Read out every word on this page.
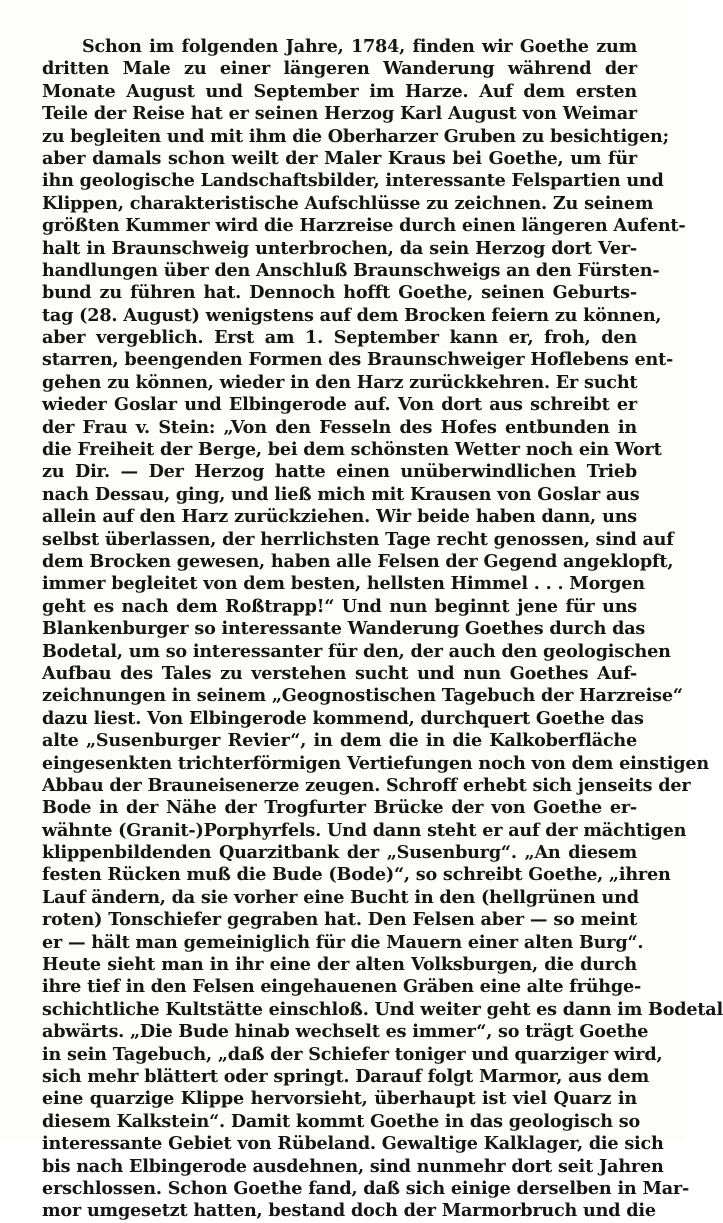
Schon im folgenden Jahre, 1784, finden wir Goethe zum
dritten Male zu einer längeren Wanderung während der
Monate August und September im Harze. Auf dem ersten
Teile der Reise hat er seinen Herzog Karl August von Weimar
zu begleiten und mit ihm die Oberharzer Gruben zu besichtigen;
aber damals schon weilt der Maler Kraus bei Goethe, um für
ihn geologische Landschaftsbilder, interessante Felspartien und
Klippen, charakteristische Aufschlüsse zu zeichnen. Zu seinem
größten Kummer wird die Harzreise durch einen längeren Aufent-
halt in Braunschweig unterbrochen, da sein Herzog dort Ver-
handlungen über den Anschluß Braunschweigs an den Fürsten-
bund zu führen hat. Dennoch hofft Goethe, seinen Geburts-
tag (28. August) wenigstens auf dem Brocken feiern zu können,
aber vergeblich. Erst am 1. September kann er, froh, den
starren, beengenden Formen des Braunschweiger Hoflebens ent-
gehen zu können, wieder in den Harz zurückkehren. Er sucht
wieder Goslar und Elbingerode auf. Von dort aus schreibt er
der Frau v. Stein: „Von den Fesseln des Hofes entbunden in
die Freiheit der Berge, bei dem schönsten Wetter noch ein Wort
zu Dir. — Der Herzog hatte einen unüberwindlichen Trieb
nach Dessau, ging, und ließ mich mit Krausen von Goslar aus
allein auf den Harz zurückziehen. Wir beide haben dann, uns
selbst überlassen, der herrlichsten Tage recht genossen, sind auf
dem Brocken gewesen, haben alle Felsen der Gegend angeklopft,
immer begleitet von dem besten, hellsten Himmel . . . Morgen
geht es nach dem Roßtrapp!“ Und nun beginnt jene für uns
Blankenburger so interessante Wanderung Goethes durch das
Bodetal, um so interessanter für den, der auch den geologischen
Aufbau des Tales zu verstehen sucht und nun Goethes Auf-
zeichnungen in seinem „Geognostischen Tagebuch der Harzreise“
dazu liest. Von Elbingerode kommend, durchquert Goethe das
alte „Susenburger Revier“, in dem die in die Kalkoberfläche
eingesenkten trichterförmigen Vertiefungen noch von dem einstigen
Abbau der Brauneisenerze zeugen. Schroff erhebt sich jenseits der
Bode in der Nähe der Trogfurter Brücke der von Goethe er-
wähnte (Granit-)Porphyrfels. Und dann steht er auf der mächtigen
klippenbildenden Quarzitbank der „Susenburg“. „An diesem
festen Rücken muß die Bude (Bode)“, so schreibt Goethe, „ihren
Lauf ändern, da sie vorher eine Bucht in den (hellgrünen und
roten) Tonschiefer gegraben hat. Den Felsen aber — so meint
er — hält man gemeiniglich für die Mauern einer alten Burg“.
Heute sieht man in ihr eine der alten Volksburgen, die durch
ihre tief in den Felsen eingehauenen Gräben eine alte frühge-
schichtliche Kultstätte einschloß. Und weiter geht es dann im Bodetal
abwärts. „Die Bude hinab wechselt es immer“, so trägt Goethe
in sein Tagebuch, „daß der Schiefer toniger und quarziger wird,
sich mehr blättert oder springt. Darauf folgt Marmor, aus dem
eine quarzige Klippe hervorsieht, überhaupt ist viel Quarz in
diesem Kalkstein“. Damit kommt Goethe in das geologisch so
interessante Gebiet von Rübeland. Gewaltige Kalklager, die sich
bis nach Elbingerode ausdehnen, sind nunmehr dort seit Jahren
erschlossen. Schon Goethe fand, daß sich einige derselben in Mar-
mor umgesetzt hatten, bestand doch der Marmorbruch und die
